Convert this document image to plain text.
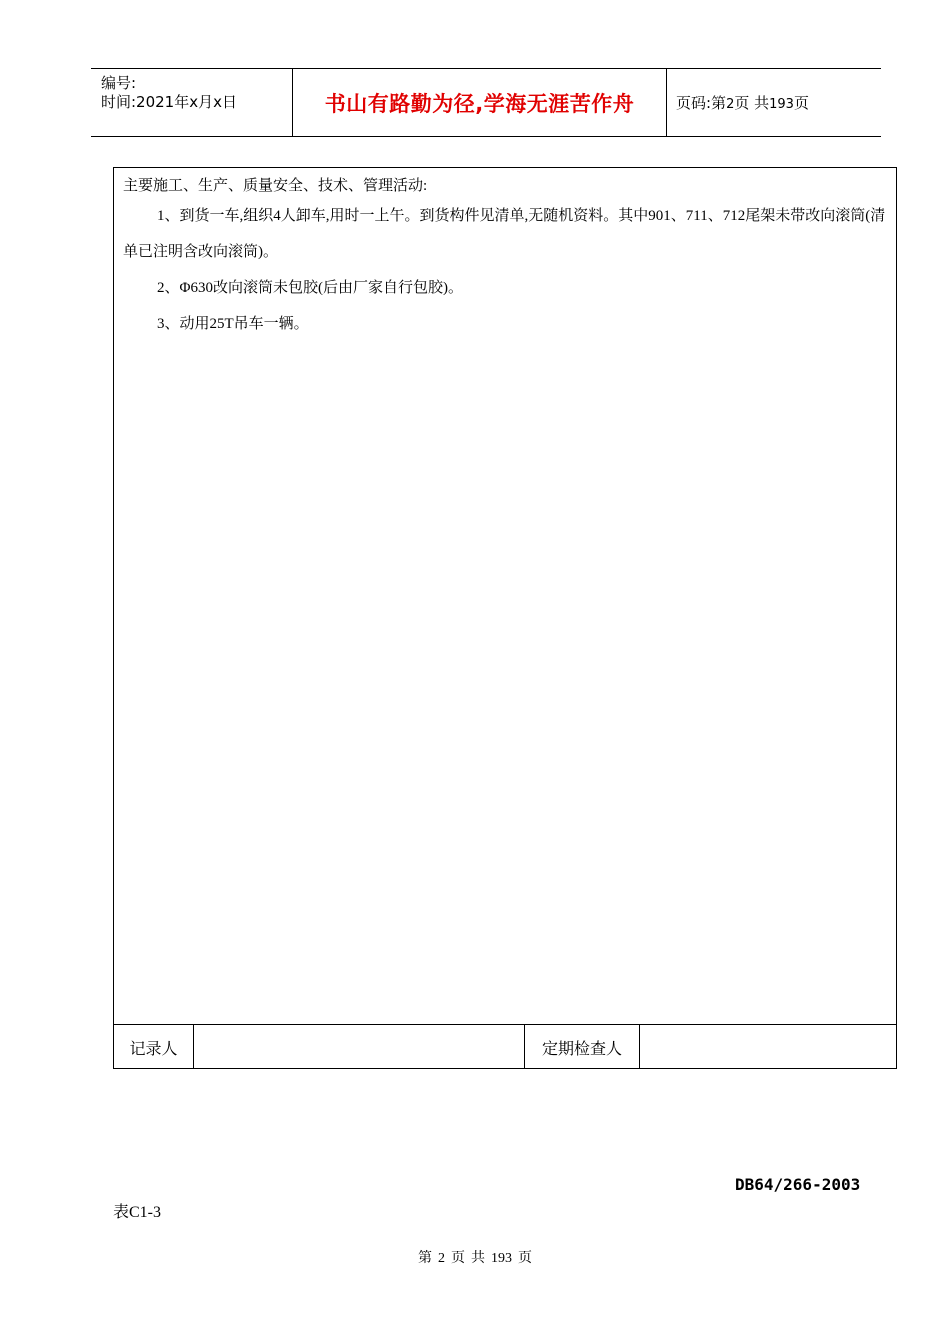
编号:
时间:2021年x月x日	书山有路勤为径,学海无涯苦作舟	页码:第2页 共193页
主要施工、生产、质量安全、技术、管理活动:
1、到货一车,组织4人卸车,用时一上午。到货构件见清单,无随机资料。其中901、711、712尾架未带改向滚筒(清单已注明含改向滚筒)。
2、Φ630改向滚筒未包胶(后由厂家自行包胶)。
3、动用25T吊车一辆。
记录人	定期检查人
DB64/266-2003
表C1-3
第 2 页 共 193 页
